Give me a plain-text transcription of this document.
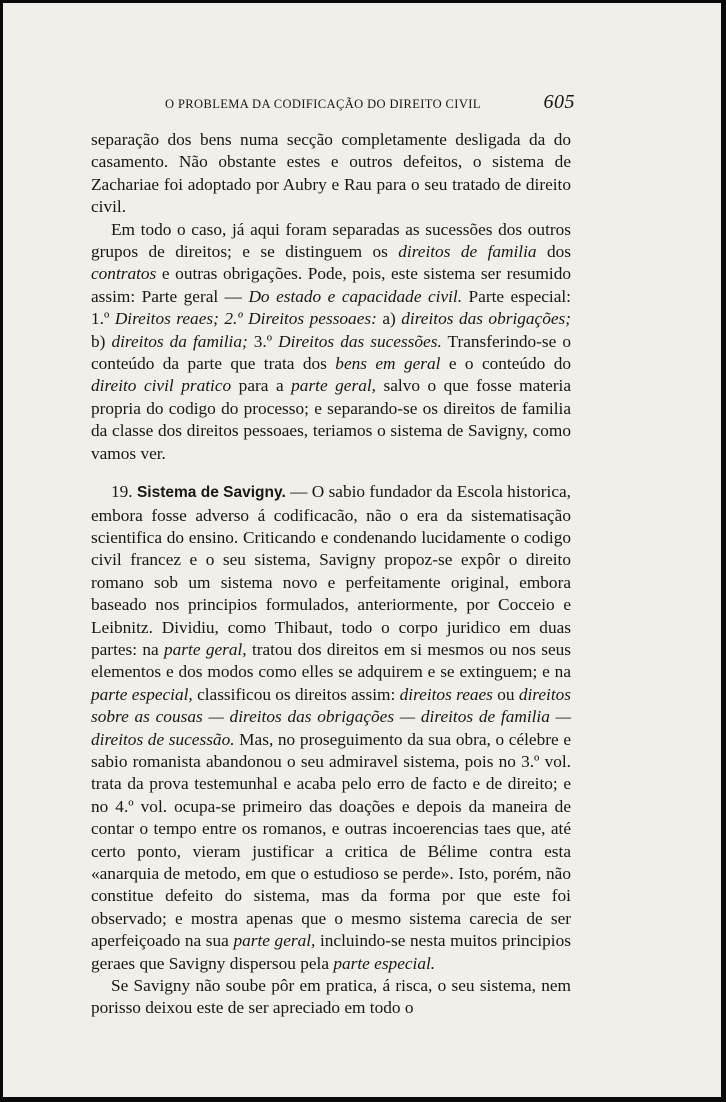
O PROBLEMA DA CODIFICAÇÃO DO DIREITO CIVIL	605

separação dos bens numa secção completamente desligada da do casamento. Não obstante estes e outros defeitos, o sistema de Zachariae foi adoptado por Aubry e Rau para o seu tratado de direito civil.

Em todo o caso, já aqui foram separadas as sucessões dos outros grupos de direitos; e se distinguem os direitos de familia dos contratos e outras obrigações. Pode, pois, este sistema ser resumido assim: Parte geral — Do estado e capacidade civil. Parte especial: 1.º Direitos reaes; 2.º Direitos pessoaes: a) direitos das obrigações; b) direitos da familia; 3.º Direitos das sucessões. Transferindo-se o conteúdo da parte que trata dos bens em geral e o conteúdo do direito civil pratico para a parte geral, salvo o que fosse materia propria do codigo do processo; e separando-se os direitos de familia da classe dos direitos pessoaes, teriamos o sistema de Savigny, como vamos ver.

19. Sistema de Savigny. — O sabio fundador da Escola historica, embora fosse adverso á codificacão, não o era da sistematisação scientifica do ensino. Criticando e condenando lucidamente o codigo civil francez e o seu sistema, Savigny propoz-se expôr o direito romano sob um sistema novo e perfeitamente original, embora baseado nos principios formulados, anteriormente, por Cocceio e Leibnitz. Dividiu, como Thibaut, todo o corpo juridico em duas partes: na parte geral, tratou dos direitos em si mesmos ou nos seus elementos e dos modos como elles se adquirem e se extinguem; e na parte especial, classificou os direitos assim: direitos reaes ou direitos sobre as cousas — direitos das obrigações — direitos de familia — direitos de sucessão. Mas, no proseguimento da sua obra, o célebre e sabio romanista abandonou o seu admiravel sistema, pois no 3.º vol. trata da prova testemunhal e acaba pelo erro de facto e de direito; e no 4.º vol. ocupa-se primeiro das doações e depois da maneira de contar o tempo entre os romanos, e outras incoerencias taes que, até certo ponto, vieram justificar a critica de Bélime contra esta «anarquia de metodo, em que o estudioso se perde». Isto, porém, não constitue defeito do sistema, mas da forma por que este foi observado; e mostra apenas que o mesmo sistema carecia de ser aperfeiçoado na sua parte geral, incluindo-se nesta muitos principios geraes que Savigny dispersou pela parte especial.

Se Savigny não soube pôr em pratica, á risca, o seu sistema, nem porisso deixou este de ser apreciado em todo o
